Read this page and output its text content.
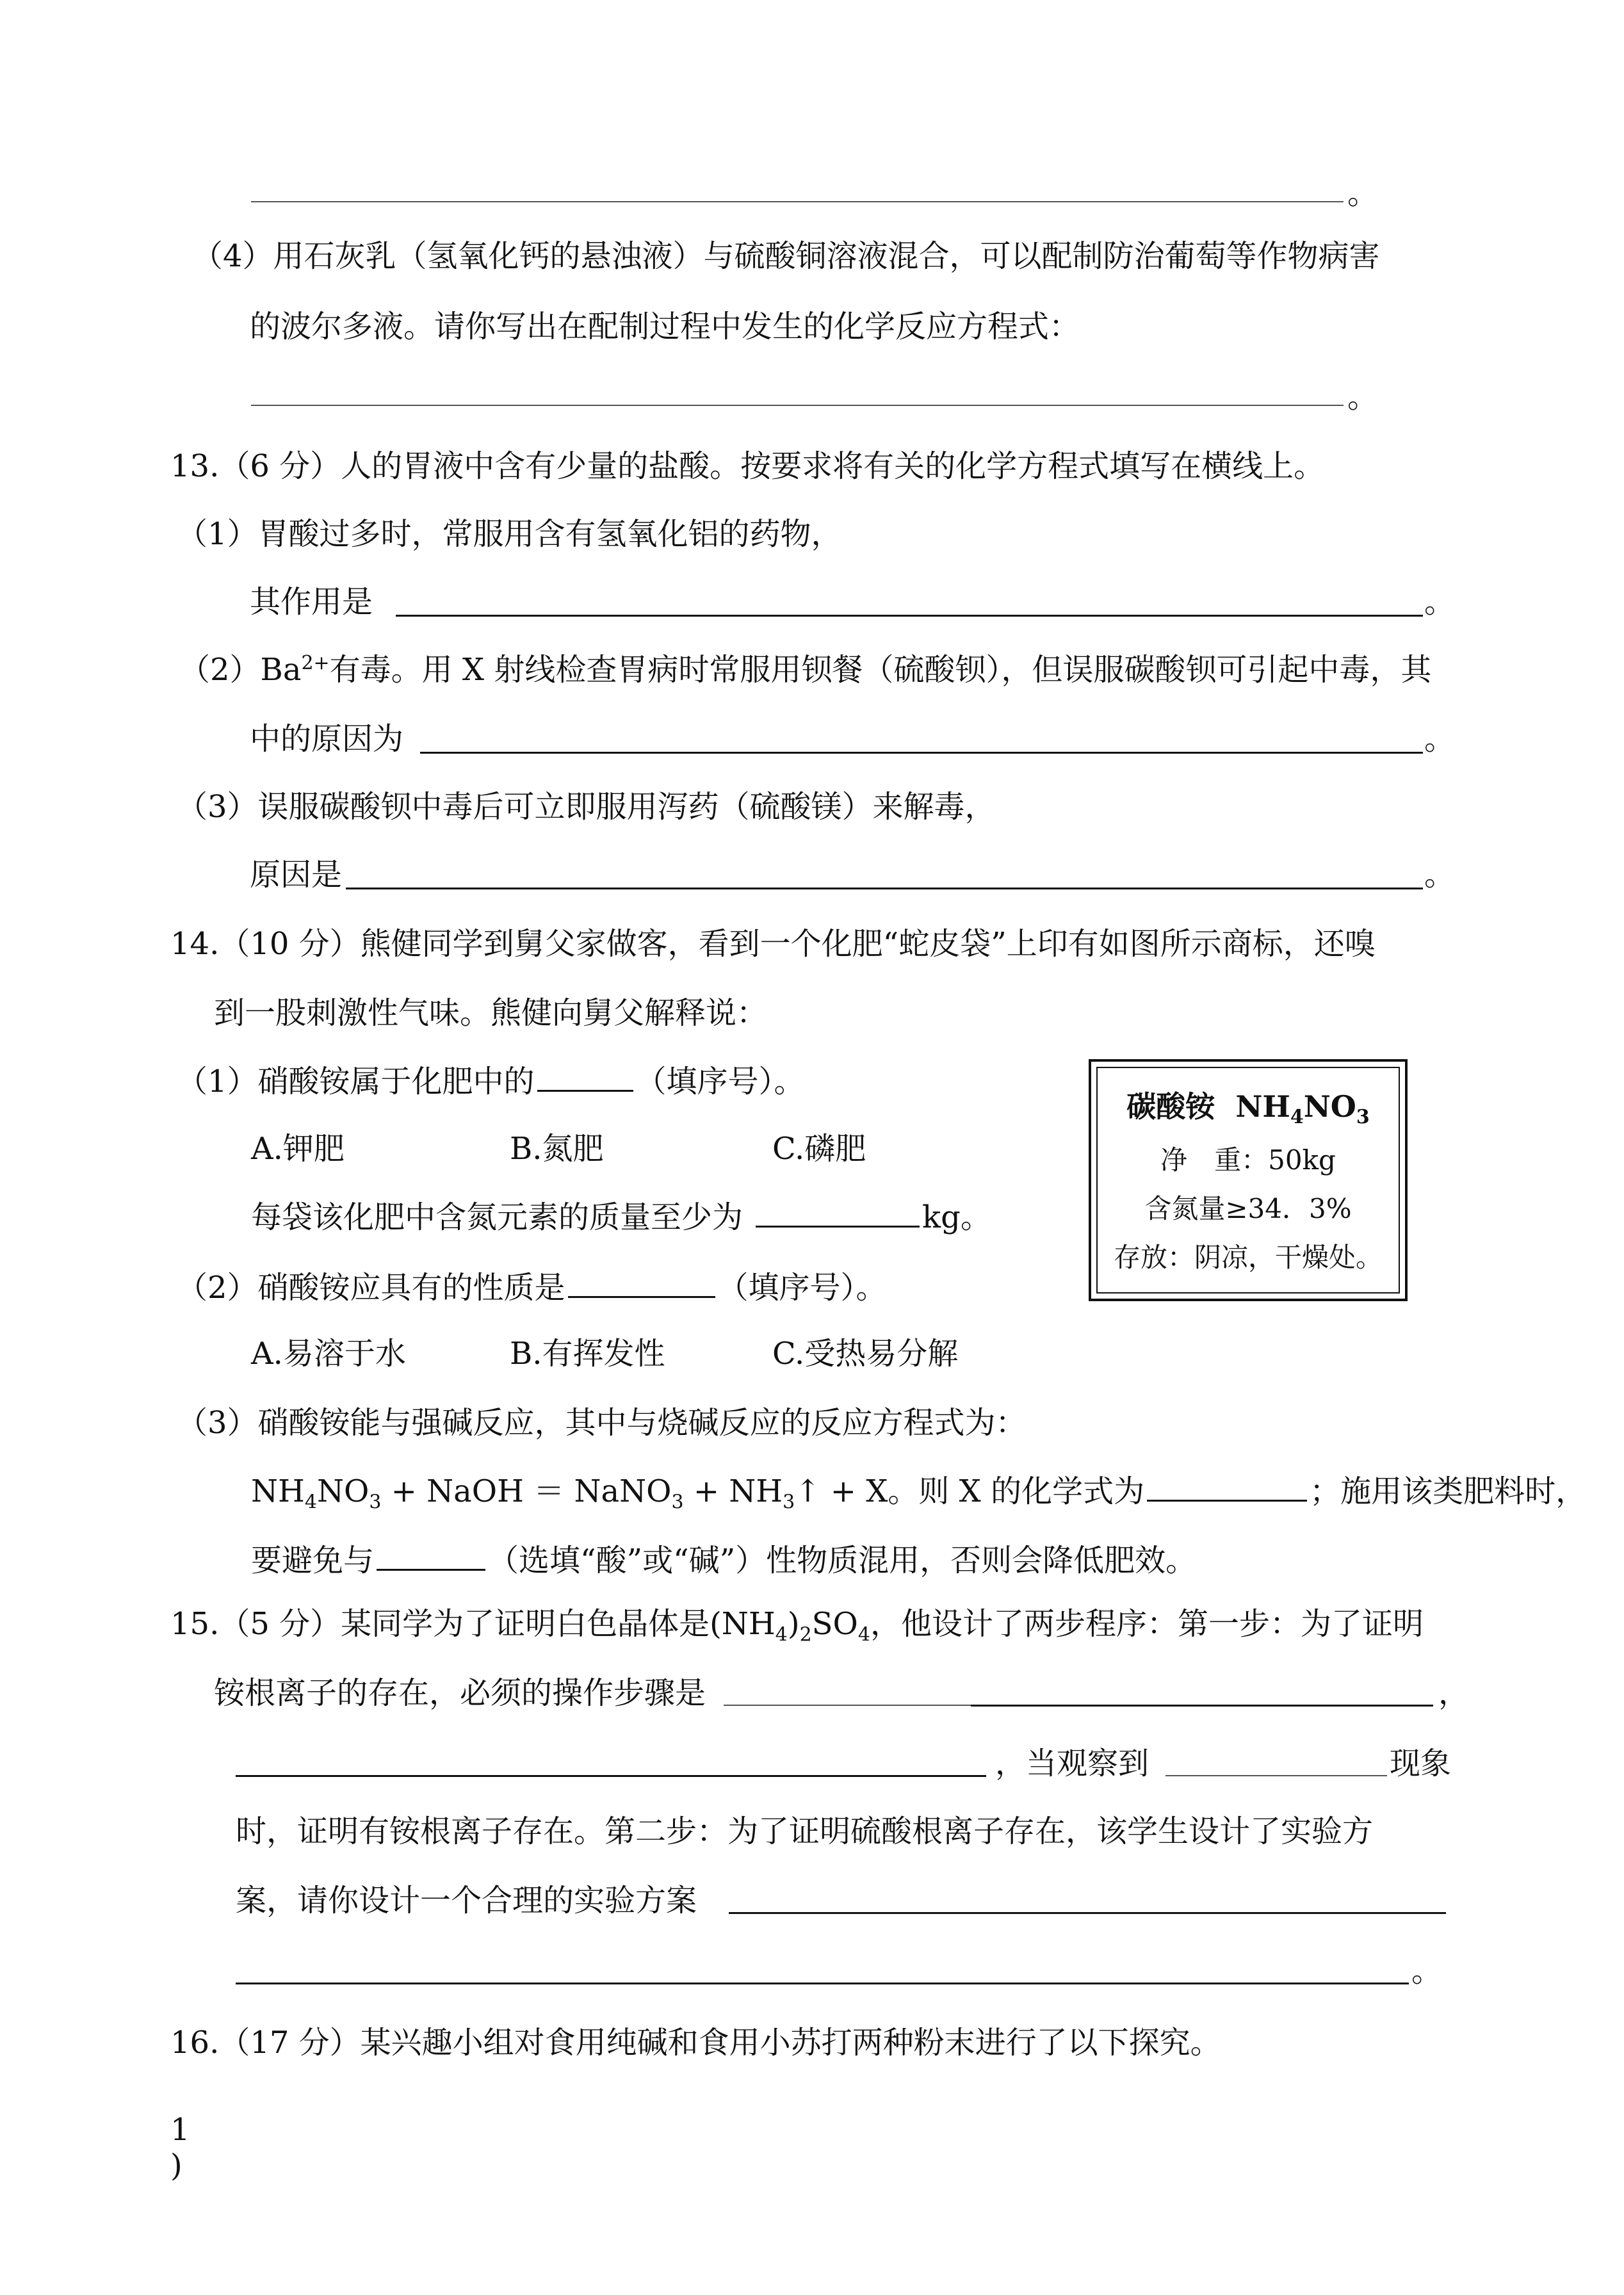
。
（4）用石灰乳（氢氧化钙的悬浊液）与硫酸铜溶液混合，可以配制防治葡萄等作物病害
的波尔多液。请你写出在配制过程中发生的化学反应方程式：
。
13.（6 分）人的胃液中含有少量的盐酸。按要求将有关的化学方程式填写在横线上。
（1）胃酸过多时，常服用含有氢氧化铝的药物，
其作用是	。
$(2)Ba^{2+}$有毒。用 X 射线检查胃病时常服用钡餐（硫酸钡），但误服碳酸钡可引起中毒，其
中的原因为	。
（3）误服碳酸钡中毒后可立即服用泻药（硫酸镁）来解毒，
原因是	。
14.（10 分）熊健同学到舅父家做客，看到一个化肥“蛇皮袋”上印有如图所示商标，还嗅
到一股刺激性气味。熊健向舅父解释说：
（1）硝酸铵属于化肥中的	（填序号）。
A.钾肥	B.氮肥	C.磷肥
每袋该化肥中含氮元素的质量至少为	kg。
（2）硝酸铵应具有的性质是	（填序号）。
A.易溶于水	B.有挥发性	C.受热易分解
（3）硝酸铵能与强碱反应，其中与烧碱反应的反应方程式为：
$NH_4NO_3$ + NaOH ＝ NaNO$_3$ + $NH_3↑ + X$。则 X 的化学式为	；施用该类肥料时，
要避免与	（选填“酸”或“碱”）性物质混用，否则会降低肥效。
碳酸铵 $NH_4NO_3$
净　重：50kg
含氮量≥34．3%
存放：阴凉，干燥处。
15.（5 分）某同学为了证明白色晶体是$(NH_4)_2SO_4$，他设计了两步程序：第一步：为了证明
铵根离子的存在，必须的操作步骤是	，
，当观察到	现象
时，证明有铵根离子存在。第二步：为了证明硫酸根离子存在，该学生设计了实验方
案，请你设计一个合理的实验方案
。
16.（17 分）某兴趣小组对食用纯碱和食用小苏打两种粉末进行了以下探究。
1
)
